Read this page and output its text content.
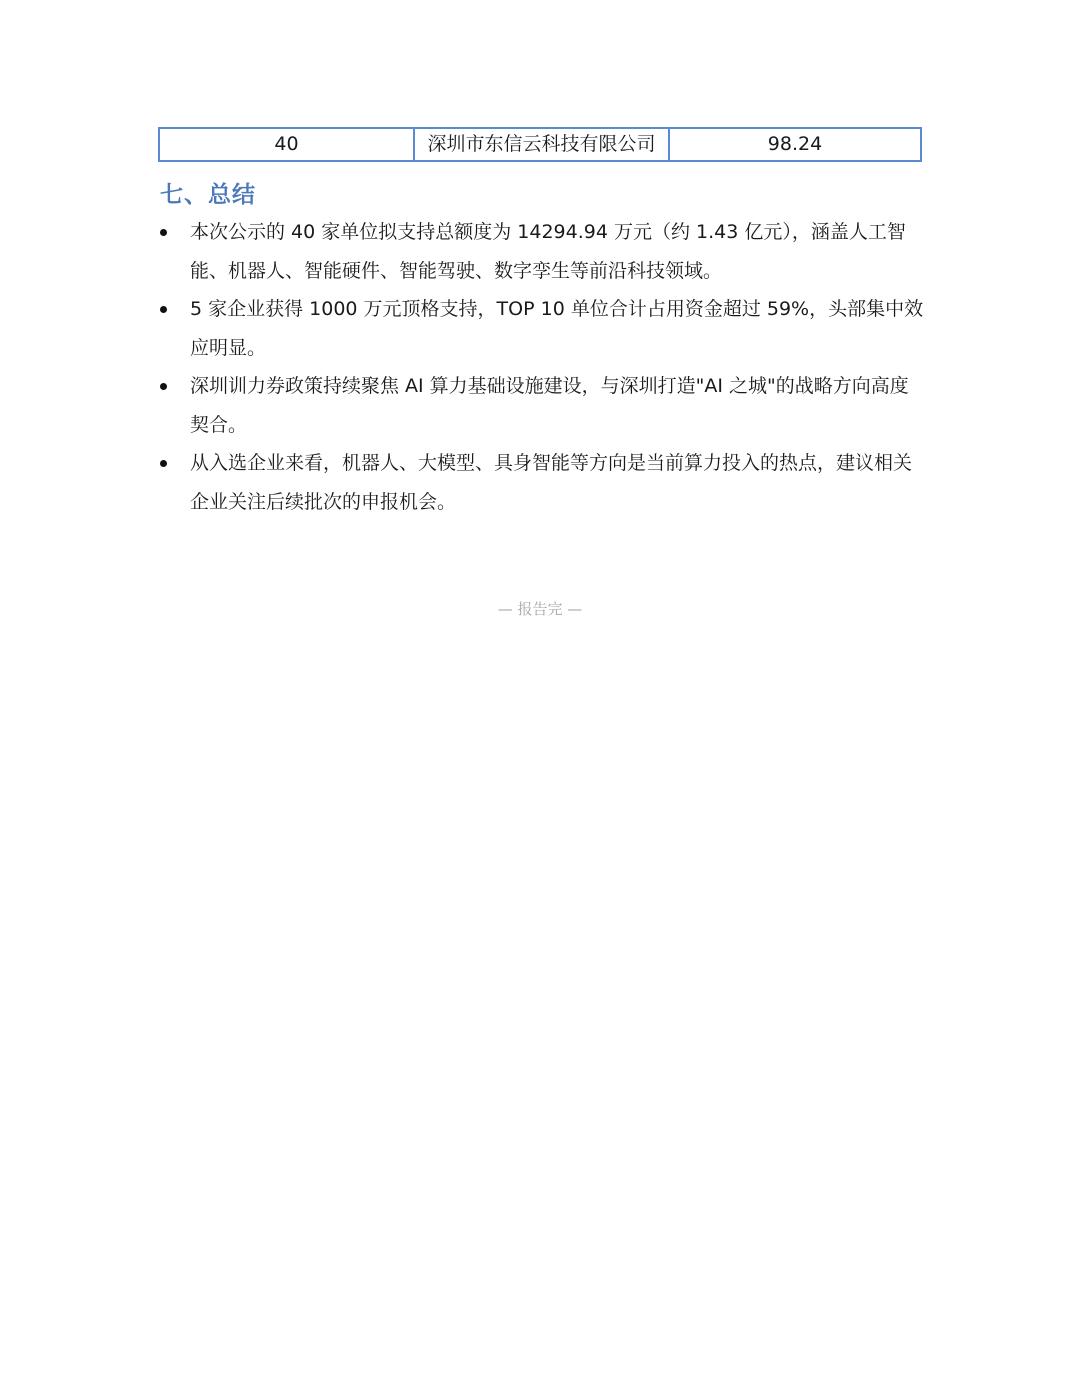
40	深圳市东信云科技有限公司	98.24
七、总结
本次公示的 40 家单位拟支持总额度为 14294.94 万元（约 1.43 亿元），涵盖人工智能、机器人、智能硬件、智能驾驶、数字孪生等前沿科技领域。
5 家企业获得 1000 万元顶格支持，TOP 10 单位合计占用资金超过 59%，头部集中效应明显。
深圳训力券政策持续聚焦 AI 算力基础设施建设，与深圳打造"AI 之城"的战略方向高度契合。
从入选企业来看，机器人、大模型、具身智能等方向是当前算力投入的热点，建议相关企业关注后续批次的申报机会。
— 报告完 —
